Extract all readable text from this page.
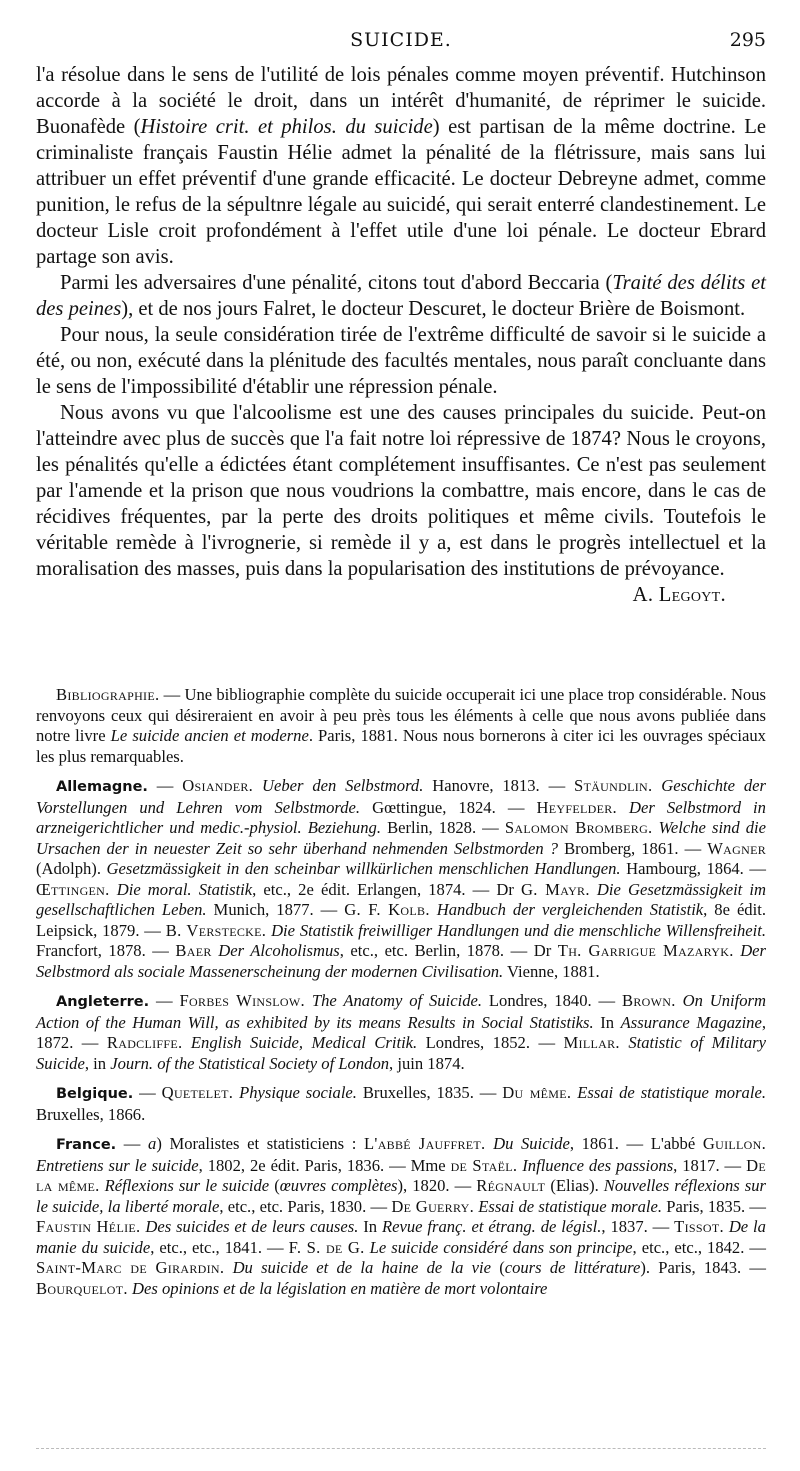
SUICIDE.	295

l'a résolue dans le sens de l'utilité de lois pénales comme moyen préventif. Hutchinson accorde à la société le droit, dans un intérêt d'humanité, de réprimer le suicide. Buonafède (Histoire crit. et philos. du suicide) est partisan de la même doctrine. Le criminaliste français Faustin Hélie admet la pénalité de la flétrissure, mais sans lui attribuer un effet préventif d'une grande efficacité. Le docteur Debreyne admet, comme punition, le refus de la sépultnre légale au suicidé, qui serait enterré clandestinement. Le docteur Lisle croit profondément à l'effet utile d'une loi pénale. Le docteur Ebrard partage son avis.

Parmi les adversaires d'une pénalité, citons tout d'abord Beccaria (Traité des délits et des peines), et de nos jours Falret, le docteur Descuret, le docteur Brière de Boismont.

Pour nous, la seule considération tirée de l'extrême difficulté de savoir si le suicide a été, ou non, exécuté dans la plénitude des facultés mentales, nous paraît concluante dans le sens de l'impossibilité d'établir une répression pénale.

Nous avons vu que l'alcoolisme est une des causes principales du suicide. Peut-on l'atteindre avec plus de succès que l'a fait notre loi répressive de 1874? Nous le croyons, les pénalités qu'elle a édictées étant complétement insuffisantes. Ce n'est pas seulement par l'amende et la prison que nous voudrions la combattre, mais encore, dans le cas de récidives fréquentes, par la perte des droits politiques et même civils. Toutefois le véritable remède à l'ivrognerie, si remède il y a, est dans le progrès intellectuel et la moralisation des masses, puis dans la popularisation des institutions de prévoyance.
A. Legoyt.

Bibliographie. — Une bibliographie complète du suicide occuperait ici une place trop considérable. Nous renvoyons ceux qui désireraient en avoir à peu près tous les éléments à celle que nous avons publiée dans notre livre Le suicide ancien et moderne. Paris, 1881. Nous nous bornerons à citer ici les ouvrages spéciaux les plus remarquables.

Allemagne. — Osiander. Ueber den Selbstmord. Hanovre, 1813. — Stäundlin. Geschichte der Vorstellungen und Lehren vom Selbstmorde. Gœttingue, 1824. — Heyfelder. Der Selbstmord in arzneigerichtlicher und medic.-physiol. Beziehung. Berlin, 1828. — Salomon Bromberg. Welche sind die Ursachen der in neuester Zeit so sehr überhand nehmenden Selbstmorden ? Bromberg, 1861. — Wagner (Adolph). Gesetzmässigkeit in den scheinbar willkürlichen menschlichen Handlungen. Hambourg, 1864. — Œttingen. Die moral. Statistik, etc., 2e édit. Erlangen, 1874. — Dr G. Mayr. Die Gesetzmässigkeit im gesellschaftlichen Leben. Munich, 1877. — G. F. Kolb. Handbuch der vergleichenden Statistik, 8e édit. Leipsick, 1879. — B. Verstecke. Die Statistik freiwilliger Handlungen und die menschliche Willensfreiheit. Francfort, 1878. — Baer Der Alcoholismus, etc., etc. Berlin, 1878. — Dr Th. Garrigue Mazaryk. Der Selbstmord als sociale Massenerscheinung der modernen Civilisation. Vienne, 1881.

Angleterre. — Forbes Winslow. The Anatomy of Suicide. Londres, 1840. — Brown. On Uniform Action of the Human Will, as exhibited by its means Results in Social Statistiks. In Assurance Magazine, 1872. — Radcliffe. English Suicide, Medical Critik. Londres, 1852. — Millar. Statistic of Military Suicide, in Journ. of the Statistical Society of London, juin 1874.

Belgique. — Quetelet. Physique sociale. Bruxelles, 1835. — Du même. Essai de statistique morale. Bruxelles, 1866.

France. — a) Moralistes et statisticiens : L'abbé Jauffret. Du Suicide, 1861. — L'abbé Guillon. Entretiens sur le suicide, 1802, 2e édit. Paris, 1836. — Mme de Staël. Influence des passions, 1817. — De la même. Réflexions sur le suicide (œuvres complètes), 1820. — Régnault (Elias). Nouvelles réflexions sur le suicide, la liberté morale, etc., etc. Paris, 1830. — De Guerry. Essai de statistique morale. Paris, 1835. — Faustin Hélie. Des suicides et de leurs causes. In Revue franç. et étrang. de législ., 1837. — Tissot. De la manie du suicide, etc., etc., 1841. — F. S. de G. Le suicide considéré dans son principe, etc., etc., 1842. — Saint-Marc de Girardin. Du suicide et de la haine de la vie (cours de littérature). Paris, 1843. — Bourquelot. Des opinions et de la législation en matière de mort volontaire
